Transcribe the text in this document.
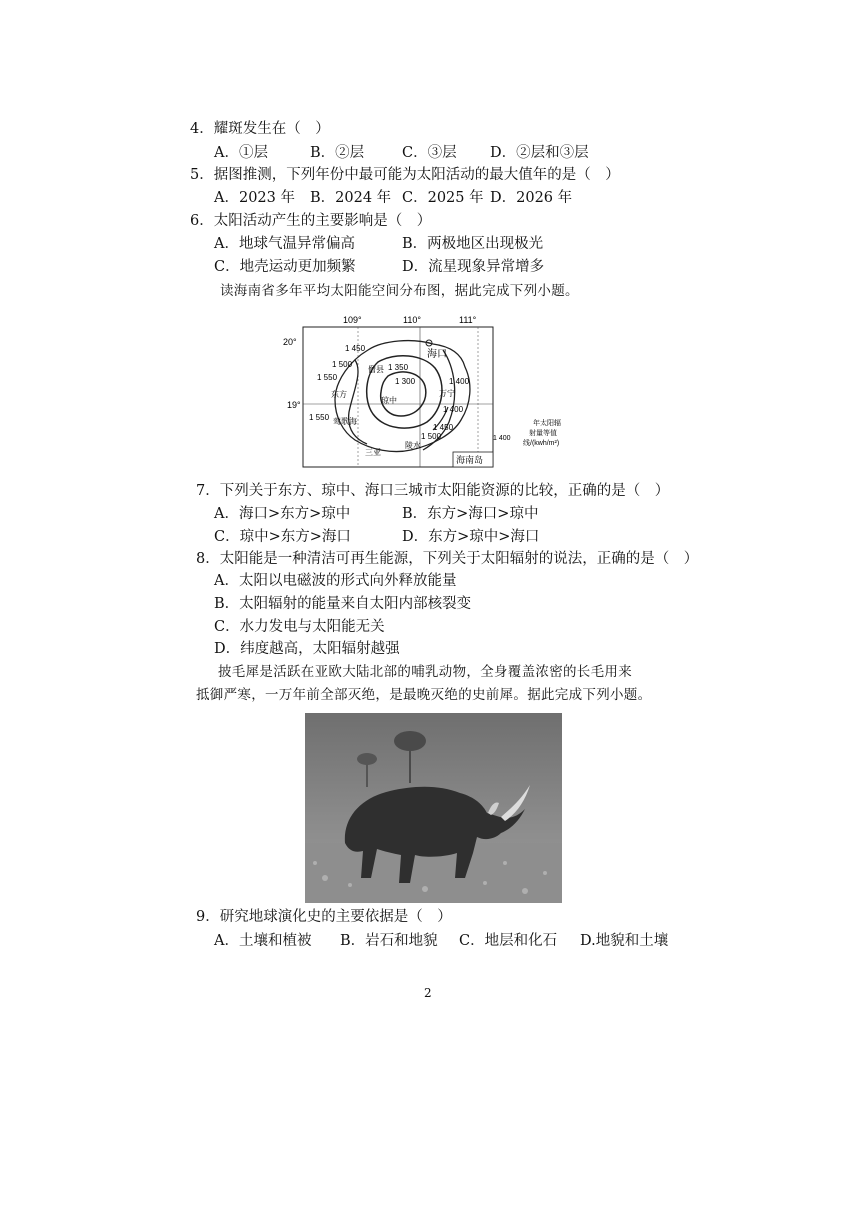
4．耀斑发生在（　）
A．①层	B．②层	C．③层 D．②层和③层
5．据图推测，下列年份中最可能为太阳活动的最大值年的是（　）
A．2023 年 B．2024 年 C．2025 年 D．2026 年
6．太阳活动产生的主要影响是（　）
A．地球气温异常偏高	B．两极地区出现极光
C．地壳运动更加频繁	D．流星现象异常增多
读海南省多年平均太阳能空间分布图，据此完成下列小题。
109°	110°	111°
20°
19°
1 450
1 500
1 550
1 350
1 300	1 400
1 400
1 450
1 500
1 550
海口
东方
琼中
三亚
陵水
莺歌海
万宁
儋县
1 400
年太阳辐
射量等值
线/(kwh/m²)
海南岛
7．下列关于东方、琼中、海口三城市太阳能资源的比较，正确的是（　）
A．海口>东方>琼中	B．东方>海口>琼中
C．琼中>东方>海口	D．东方>琼中>海口
8．太阳能是一种清洁可再生能源，下列关于太阳辐射的说法，正确的是（　）
A．太阳以电磁波的形式向外释放能量
B．太阳辐射的能量来自太阳内部核裂变
C．水力发电与太阳能无关
D．纬度越高，太阳辐射越强
披毛犀是活跃在亚欧大陆北部的哺乳动物，全身覆盖浓密的长毛用来
抵御严寒，一万年前全部灭绝，是最晚灭绝的史前犀。据此完成下列小题。
9．研究地球演化史的主要依据是（　）
A．土壤和植被 B．岩石和地貌 C．地层和化石 D.地貌和土壤
2
